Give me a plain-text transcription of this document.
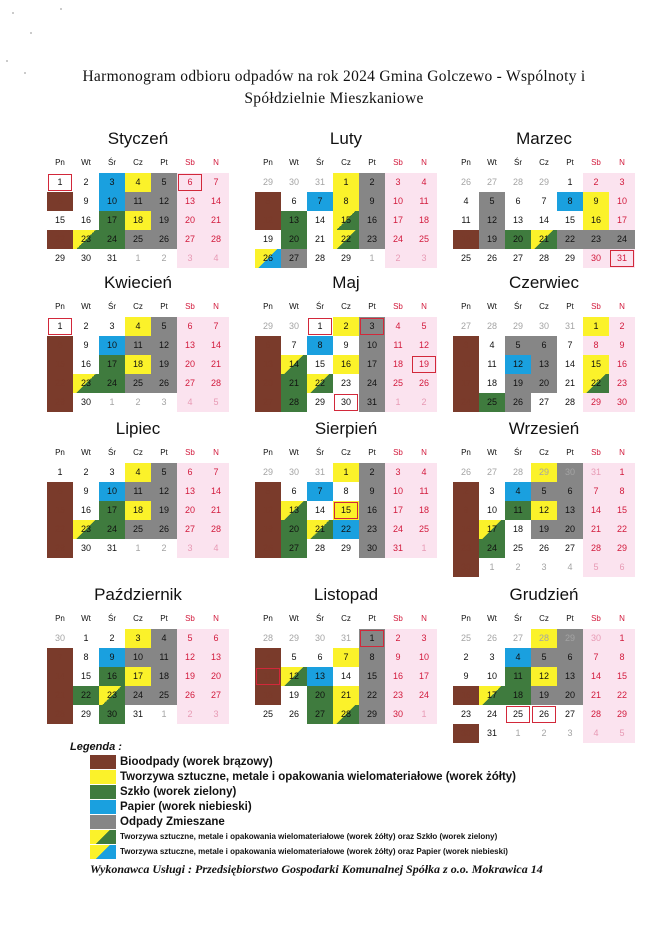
Harmonogram odbioru odpadów na rok 2024 Gmina Golczewo - Wspólnoty i
Spółdzielnie Mieszkaniowe
Styczeń
Pn	Wt	Śr	Cz	Pt	Sb	N
1	2	3	4	5	6	7
8	9	10	11	12	13	14
15	16	17	18	19	20	21
22	23	24	25	26	27	28
29	30	31	1	2	3	4
Luty
Pn	Wt	Śr	Cz	Pt	Sb	N
29	30	31	1	2	3	4
5	6	7	8	9	10	11
12	13	14	15	16	17	18
19	20	21	22	23	24	25
26	27	28	29	1	2	3
Marzec
Pn	Wt	Śr	Cz	Pt	Sb	N
26	27	28	29	1	2	3
4	5	6	7	8	9	10
11	12	13	14	15	16	17
18	19	20	21	22	23	24
25	26	27	28	29	30	31
Kwiecień
Pn	Wt	Śr	Cz	Pt	Sb	N
1	2	3	4	5	6	7
8	9	10	11	12	13	14
15	16	17	18	19	20	21
22	23	24	25	26	27	28
29	30	1	2	3	4	5
Maj
Pn	Wt	Śr	Cz	Pt	Sb	N
29	30	1	2	3	4	5
6	7	8	9	10	11	12
13	14	15	16	17	18	19
20	21	22	23	24	25	26
27	28	29	30	31	1	2
Czerwiec
Pn	Wt	Śr	Cz	Pt	Sb	N
27	28	29	30	31	1	2
3	4	5	6	7	8	9
10	11	12	13	14	15	16
17	18	19	20	21	22	23
24	25	26	27	28	29	30
Lipiec
Pn	Wt	Śr	Cz	Pt	Sb	N
1	2	3	4	5	6	7
8	9	10	11	12	13	14
15	16	17	18	19	20	21
22	23	24	25	26	27	28
29	30	31	1	2	3	4
Sierpień
Pn	Wt	Śr	Cz	Pt	Sb	N
29	30	31	1	2	3	4
5	6	7	8	9	10	11
12	13	14	15	16	17	18
19	20	21	22	23	24	25
26	27	28	29	30	31	1
Wrzesień
Pn	Wt	Śr	Cz	Pt	Sb	N
26	27	28	29	30	31	1
2	3	4	5	6	7	8
9	10	11	12	13	14	15
16	17	18	19	20	21	22
23	24	25	26	27	28	29
30	1	2	3	4	5	6
Październik
Pn	Wt	Śr	Cz	Pt	Sb	N
30	1	2	3	4	5	6
7	8	9	10	11	12	13
14	15	16	17	18	19	20
21	22	23	24	25	26	27
28	29	30	31	1	2	3
Listopad
Pn	Wt	Śr	Cz	Pt	Sb	N
28	29	30	31	1	2	3
4	5	6	7	8	9	10
11	12	13	14	15	16	17
18	19	20	21	22	23	24
25	26	27	28	29	30	1
Grudzień
Pn	Wt	Śr	Cz	Pt	Sb	N
25	26	27	28	29	30	1
2	3	4	5	6	7	8
9	10	11	12	13	14	15
16	17	18	19	20	21	22
23	24	25	26	27	28	29
30	31	1	2	3	4	5
Legenda :
Bioodpady (worek brązowy)
Tworzywa sztuczne, metale i opakowania wielomateriałowe (worek żółty)
Szkło (worek zielony)
Papier (worek niebieski)
Odpady Zmieszane
Tworzywa sztuczne, metale i opakowania wielomateriałowe (worek żółty) oraz Szkło (worek zielony)
Tworzywa sztuczne, metale i opakowania wielomateriałowe (worek żółty) oraz Papier (worek niebieski)
Wykonawca Usługi : Przedsiębiorstwo Gospodarki Komunalnej Spółka z o.o. Mokrawica 14
